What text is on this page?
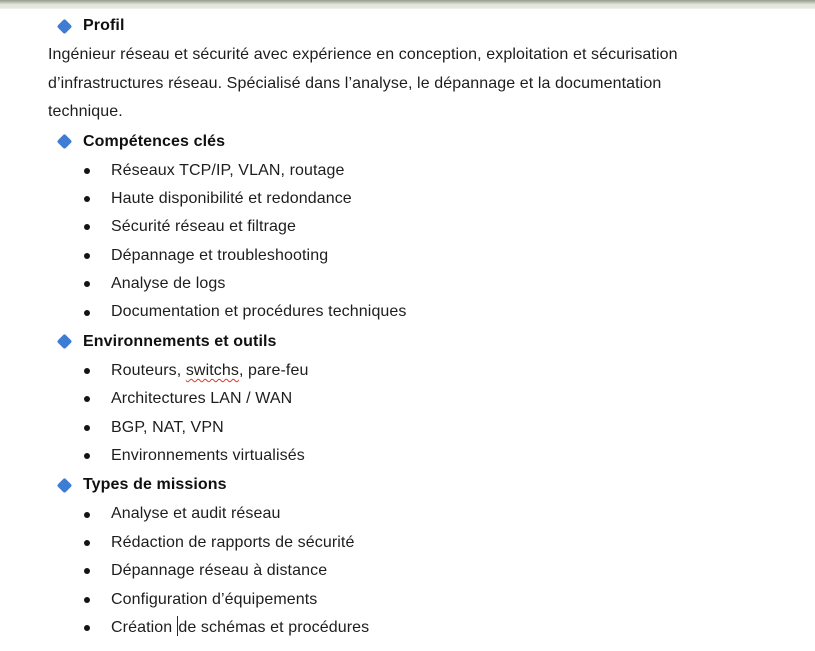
Profil
Ingénieur réseau et sécurité avec expérience en conception, exploitation et sécurisation
d’infrastructures réseau. Spécialisé dans l’analyse, le dépannage et la documentation
technique.
Compétences clés
Réseaux TCP/IP, VLAN, routage
Haute disponibilité et redondance
Sécurité réseau et filtrage
Dépannage et troubleshooting
Analyse de logs
Documentation et procédures techniques
Environnements et outils
Routeurs, switchs, pare-feu
Architectures LAN / WAN
BGP, NAT, VPN
Environnements virtualisés
Types de missions
Analyse et audit réseau
Rédaction de rapports de sécurité
Dépannage réseau à distance
Configuration d’équipements
Création de schémas et procédures
